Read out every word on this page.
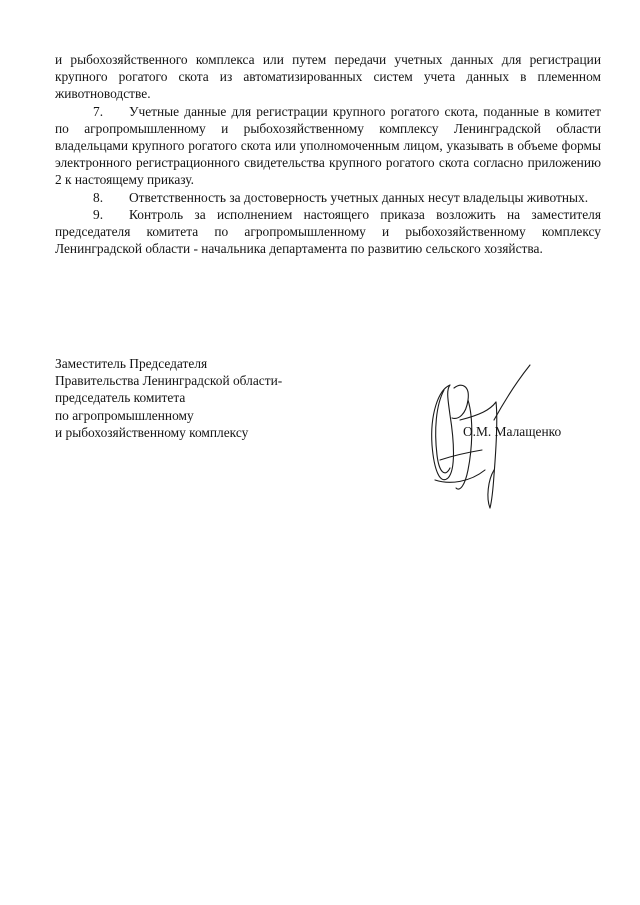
и рыбохозяйственного комплекса или путем передачи учетных данных для регистрации крупного рогатого скота из автоматизированных систем учета данных в племенном животноводстве.

7. Учетные данные для регистрации крупного рогатого скота, поданные в комитет по агропромышленному и рыбохозяйственному комплексу Ленинградской области владельцами крупного рогатого скота или уполномоченным лицом, указывать в объеме формы электронного регистрационного свидетельства крупного рогатого скота согласно приложению 2 к настоящему приказу.

8. Ответственность за достоверность учетных данных несут владельцы животных.

9. Контроль за исполнением настоящего приказа возложить на заместителя председателя комитета по агропромышленному и рыбохозяйственному комплексу Ленинградской области - начальника департамента по развитию сельского хозяйства.

Заместитель Председателя
Правительства Ленинградской области-
председатель комитета
по агропромышленному
и рыбохозяйственному комплексу	О.М. Малащенко
